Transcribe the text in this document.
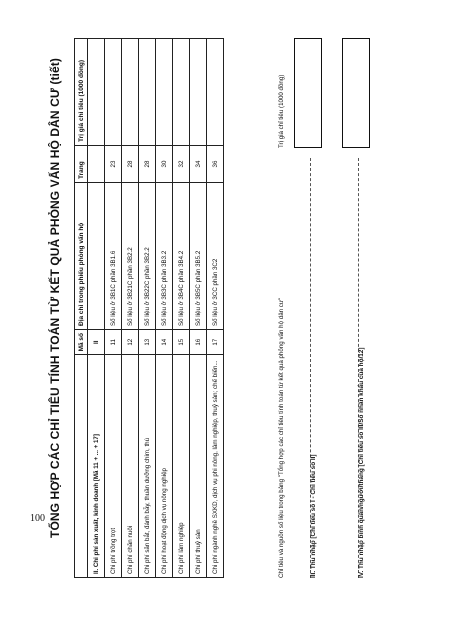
100 TỔNG HỢP CÁC CHỈ TIÊU TÍNH TOÁN TỪ KẾT QUẢ PHỎNG VẤN HỘ DÂN CƯ (tiết)
	Mã số	Địa chỉ trong phiếu phỏng vấn hộ	Trang	Trị giá chỉ tiêu (1000 đồng)
II. Chi phí sản xuất, kinh doanh [Mã 11 + ... + 17]	II			
Chi phí trồng trọt	11	Số liệu ở 3B1C phần 3B1.6	23	
Chi phí chăn nuôi	12	Số liệu ở 3B21C phần 3B2.2	28	
Chi phí săn bắt, đánh bẫy, thuần dưỡng chim, thú	13	Số liệu ở 3B22C phần 3B2.2	28	
Chi phí hoạt động dịch vụ nông nghiệp	14	Số liệu ở 3B3C phần 3B3.2	30	
Chi phí lâm nghiệp	15	Số liệu ở 3B4C phần 3B4.2	32	
Chi phí thuỷ sản	16	Số liệu ở 3B5C phần 3B5.2	34	
Chi phí ngành nghề SXKD, dịch vụ phi nông, lâm nghiệp, thuỷ sản; chế biến...	17	Số liệu ở 3CC phần 3C2	36	
Chỉ tiêu và nguồn số liệu trong bảng "Tổng hợp các chỉ tiêu tính toán từ kết quả phỏng vấn hộ dân cư"
Trị giá chỉ tiêu (1000 đồng)
III. Thu nhập [Chỉ tiêu số I - Chỉ tiêu số II]	IV. Thu nhập bình quân/người/tháng [Chỉ tiêu số III/Số nhân khẩu của hộ/12]
